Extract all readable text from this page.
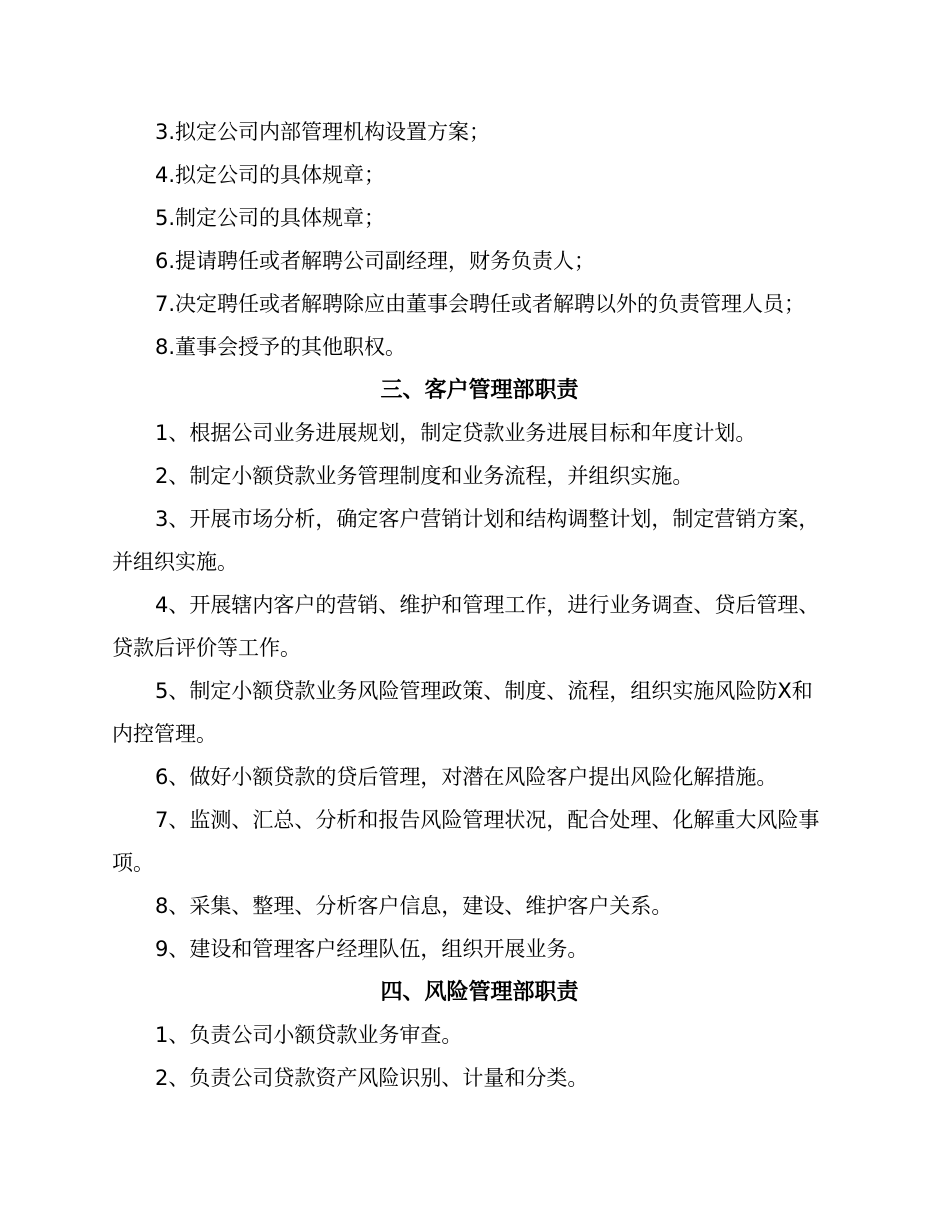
3.拟定公司内部管理机构设置方案；
4.拟定公司的具体规章；
5.制定公司的具体规章；
6.提请聘任或者解聘公司副经理，财务负责人；
7.决定聘任或者解聘除应由董事会聘任或者解聘以外的负责管理人员；
8.董事会授予的其他职权。
三、客户管理部职责
1、根据公司业务进展规划，制定贷款业务进展目标和年度计划。
2、制定小额贷款业务管理制度和业务流程，并组织实施。
3、开展市场分析，确定客户营销计划和结构调整计划，制定营销方案，
并组织实施。
4、开展辖内客户的营销、维护和管理工作，进行业务调查、贷后管理、
贷款后评价等工作。
5、制定小额贷款业务风险管理政策、制度、流程，组织实施风险防X和
内控管理。
6、做好小额贷款的贷后管理，对潜在风险客户提出风险化解措施。
7、监测、汇总、分析和报告风险管理状况，配合处理、化解重大风险事
项。
8、采集、整理、分析客户信息，建设、维护客户关系。
9、建设和管理客户经理队伍，组织开展业务。
四、风险管理部职责
1、负责公司小额贷款业务审查。
2、负责公司贷款资产风险识别、计量和分类。
